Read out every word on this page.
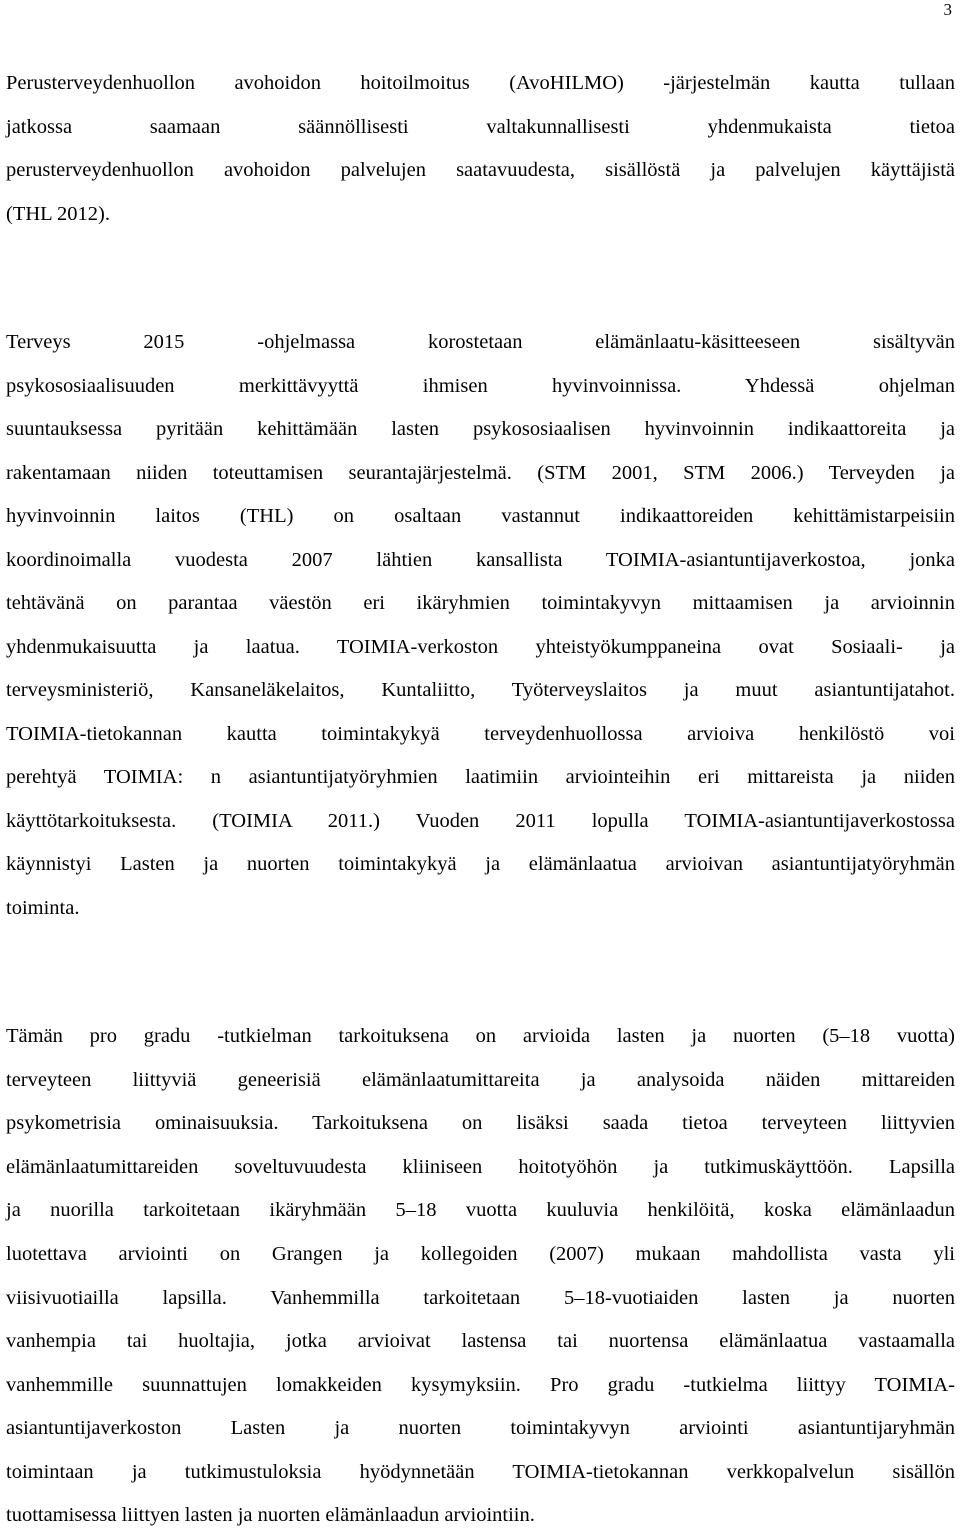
3
Perusterveydenhuollon avohoidon hoitoilmoitus (AvoHILMO) -järjestelmän kautta tullaan
jatkossa saamaan säännöllisesti valtakunnallisesti yhdenmukaista tietoa
perusterveydenhuollon avohoidon palvelujen saatavuudesta, sisällöstä ja palvelujen käyttäjistä
(THL 2012).
Terveys 2015 -ohjelmassa korostetaan elämänlaatu-käsitteeseen sisältyvän
psykososiaalisuuden merkittävyyttä ihmisen hyvinvoinnissa. Yhdessä ohjelman
suuntauksessa pyritään kehittämään lasten psykososiaalisen hyvinvoinnin indikaattoreita ja
rakentamaan niiden toteuttamisen seurantajärjestelmä. (STM 2001, STM 2006.) Terveyden ja
hyvinvoinnin laitos (THL) on osaltaan vastannut indikaattoreiden kehittämistarpeisiin
koordinoimalla vuodesta 2007 lähtien kansallista TOIMIA-asiantuntijaverkostoa, jonka
tehtävänä on parantaa väestön eri ikäryhmien toimintakyvyn mittaamisen ja arvioinnin
yhdenmukaisuutta ja laatua. TOIMIA-verkoston yhteistyökumppaneina ovat Sosiaali- ja
terveysministeriö, Kansaneläkelaitos, Kuntaliitto, Työterveyslaitos ja muut asiantuntijatahot.
TOIMIA-tietokannan kautta toimintakykyä terveydenhuollossa arvioiva henkilöstö voi
perehtyä TOIMIA: n asiantuntijatyöryhmien laatimiin arviointeihin eri mittareista ja niiden
käyttötarkoituksesta. (TOIMIA 2011.) Vuoden 2011 lopulla TOIMIA-asiantuntijaverkostossa
käynnistyi Lasten ja nuorten toimintakykyä ja elämänlaatua arvioivan asiantuntijatyöryhmän
toiminta.
Tämän pro gradu -tutkielman tarkoituksena on arvioida lasten ja nuorten (5‒18 vuotta)
terveyteen liittyviä geneerisiä elämänlaatumittareita ja analysoida näiden mittareiden
psykometrisia ominaisuuksia. Tarkoituksena on lisäksi saada tietoa terveyteen liittyvien
elämänlaatumittareiden soveltuvuudesta kliiniseen hoitotyöhön ja tutkimuskäyttöön. Lapsilla
ja nuorilla tarkoitetaan ikäryhmään 5‒18 vuotta kuuluvia henkilöitä, koska elämänlaadun
luotettava arviointi on Grangen ja kollegoiden (2007) mukaan mahdollista vasta yli
viisivuotiailla lapsilla. Vanhemmilla tarkoitetaan 5‒18-vuotiaiden lasten ja nuorten
vanhempia tai huoltajia, jotka arvioivat lastensa tai nuortensa elämänlaatua vastaamalla
vanhemmille suunnattujen lomakkeiden kysymyksiin. Pro gradu -tutkielma liittyy TOIMIA-
asiantuntijaverkoston Lasten ja nuorten toimintakyvyn arviointi asiantuntijaryhmän
toimintaan ja tutkimustuloksia hyödynnetään TOIMIA-tietokannan verkkopalvelun sisällön
tuottamisessa liittyen lasten ja nuorten elämänlaadun arviointiin.
